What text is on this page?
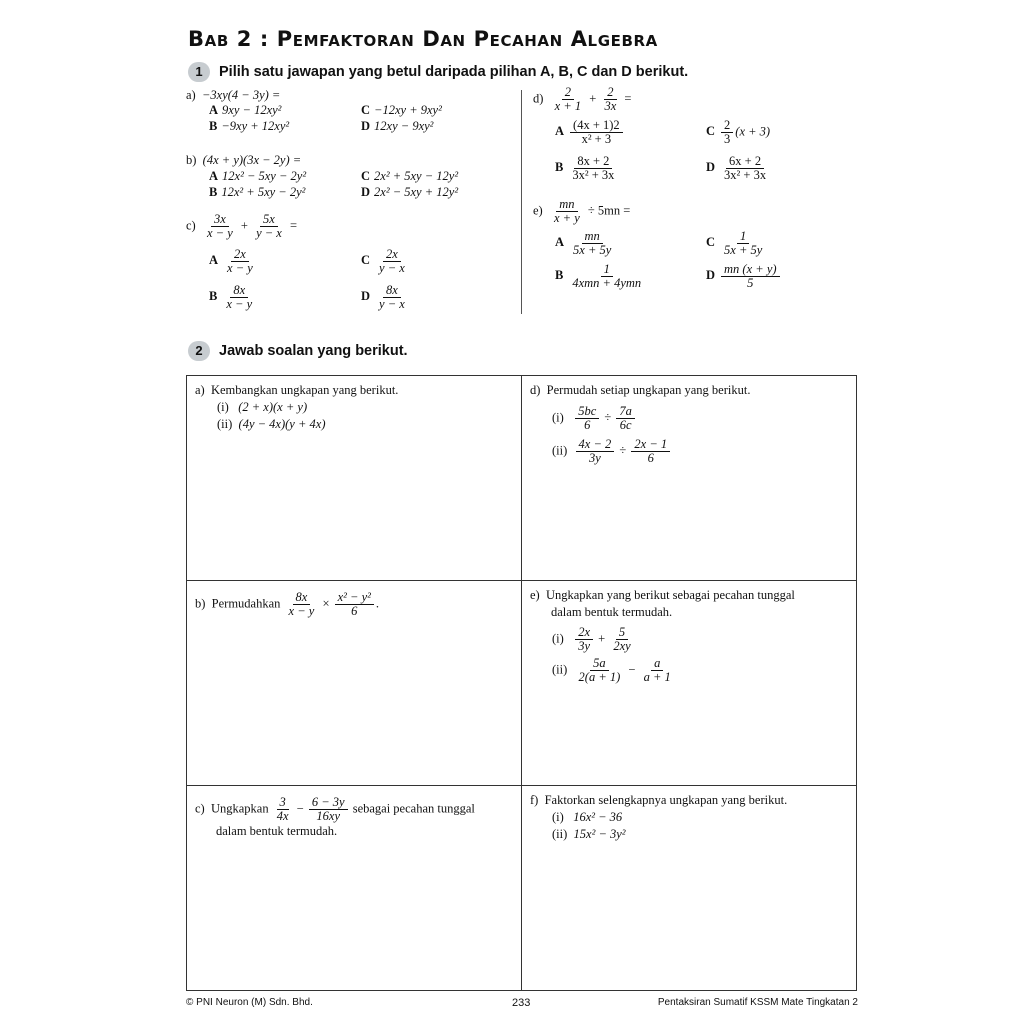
Bab 2 : Pemfaktoran Dan Pecahan Algebra
1 Pilih satu jawapan yang betul daripada pilihan A, B, C dan D berikut.
a) −3xy(4 − 3y) =
A 9xy − 12xy²
B −9xy + 12xy²
C −12xy + 9xy²
D 12xy − 9xy²
b) (4x + y)(3x − 2y) =
A 12x² − 5xy − 2y²
B 12x² + 5xy − 2y²
C 2x² + 5xy − 12y²
D 2x² − 5xy + 12y²
$c) \frac{3x}{x - y} + \frac{5x}{y - x}$ =
A $\frac{2x}{x - y}$
B $\frac{8x}{x - y}$
C $\frac{2x}{y - x}$
D $\frac{8x}{y - x}$
$d) \frac{2}{x + 1} + \frac{2}{3x}$ =
A $\frac{(4x + 1)2}{\text{x² + 3}}$
B $\frac{8x + 2}{\text{3x² + 3x}}$
C $\frac{2}{3} (x + 3)$
D $\frac{6x + 2}{\text{3x² + 3x}}$
$e) \frac{mn}{x + y} \div 5mn$ =
A $\frac{mn}{5x + 5y}$
B $\frac{1}{\text{4xmn + 4ymn}}$
C $\frac{1}{5x + 5y}$
D $\frac{mn (x + y)}{5}$
2 Jawab soalan yang berikut.
a) Kembangkan ungkapan yang berikut.
(i) (2 + x)(x + y)
(ii) (4y − 4x)(y + 4x)
d) Permudah setiap ungkapan yang berikut.
$(i) \frac{5bc}{6} \div \frac{7a}{6c}$
$(ii) \frac{4x - 2}{3y} \div \frac{2x - 1}{6}$
b) Permudahkan $\frac{8x}{x - y} \times \frac{\text{x² − y²}}{6}$ .
e) Ungkapkan yang berikut sebagai pecahan tunggal
dalam bentuk termudah.
$(i) \frac{2x}{3y} + \frac{5}{2xy}$
$(ii) \frac{5a}{2(a + 1)} - \frac{a}{a + 1}$
c) Ungkapkan $\frac{3}{4x} - \frac{6 - 3y}{16xy}$ sebagai pecahan tunggal
dalam bentuk termudah.
f) Faktorkan selengkapnya ungkapan yang berikut.
(i) 16x² − 36
(ii) 15x² − 3y²
© PNI Neuron (M) Sdn. Bhd.	233	Pentaksiran Sumatif KSSM Mate Tingkatan 2
